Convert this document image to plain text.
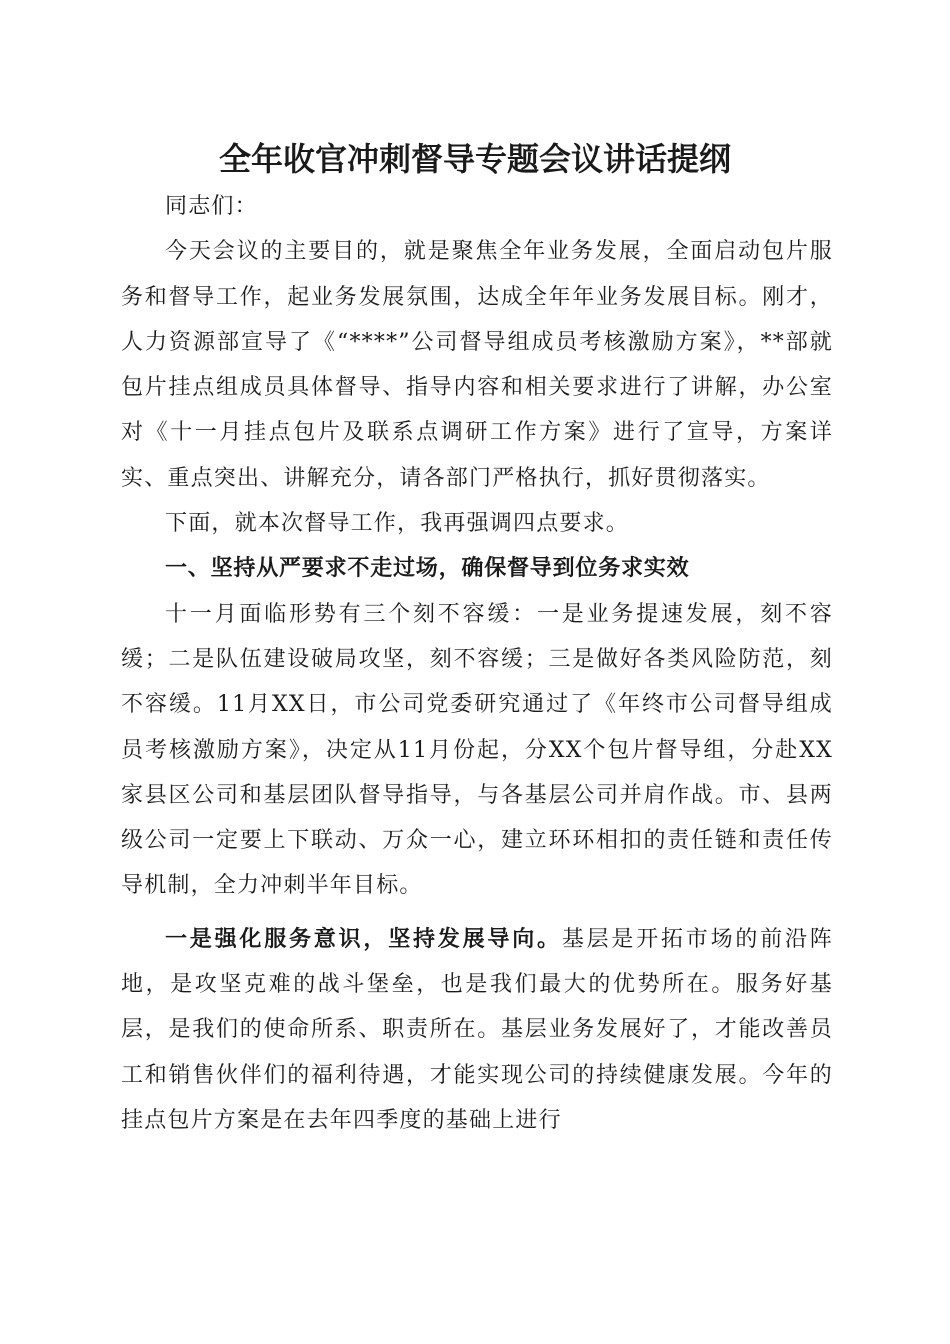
全年收官冲刺督导专题会议讲话提纲

同志们：

今天会议的主要目的，就是聚焦全年业务发展，全面启动包片服务和督导工作，起业务发展氛围，达成全年年业务发展目标。刚才，人力资源部宣导了《“****”公司督导组成员考核激励方案》，**部就包片挂点组成员具体督导、指导内容和相关要求进行了讲解，办公室对《十一月挂点包片及联系点调研工作方案》进行了宣导，方案详实、重点突出、讲解充分，请各部门严格执行，抓好贯彻落实。

下面，就本次督导工作，我再强调四点要求。

一、坚持从严要求不走过场，确保督导到位务求实效

十一月面临形势有三个刻不容缓：一是业务提速发展，刻不容缓；二是队伍建设破局攻坚，刻不容缓；三是做好各类风险防范，刻不容缓。11月XX日，市公司党委研究通过了《年终市公司督导组成员考核激励方案》，决定从11月份起，分XX个包片督导组，分赴XX家县区公司和基层团队督导指导，与各基层公司并肩作战。市、县两级公司一定要上下联动、万众一心，建立环环相扣的责任链和责任传导机制，全力冲刺半年目标。

一是强化服务意识，坚持发展导向。基层是开拓市场的前沿阵地，是攻坚克难的战斗堡垒，也是我们最大的优势所在。服务好基层，是我们的使命所系、职责所在。基层业务发展好了，才能改善员工和销售伙伴们的福利待遇，才能实现公司的持续健康发展。今年的挂点包片方案是在去年四季度的基础上进行
